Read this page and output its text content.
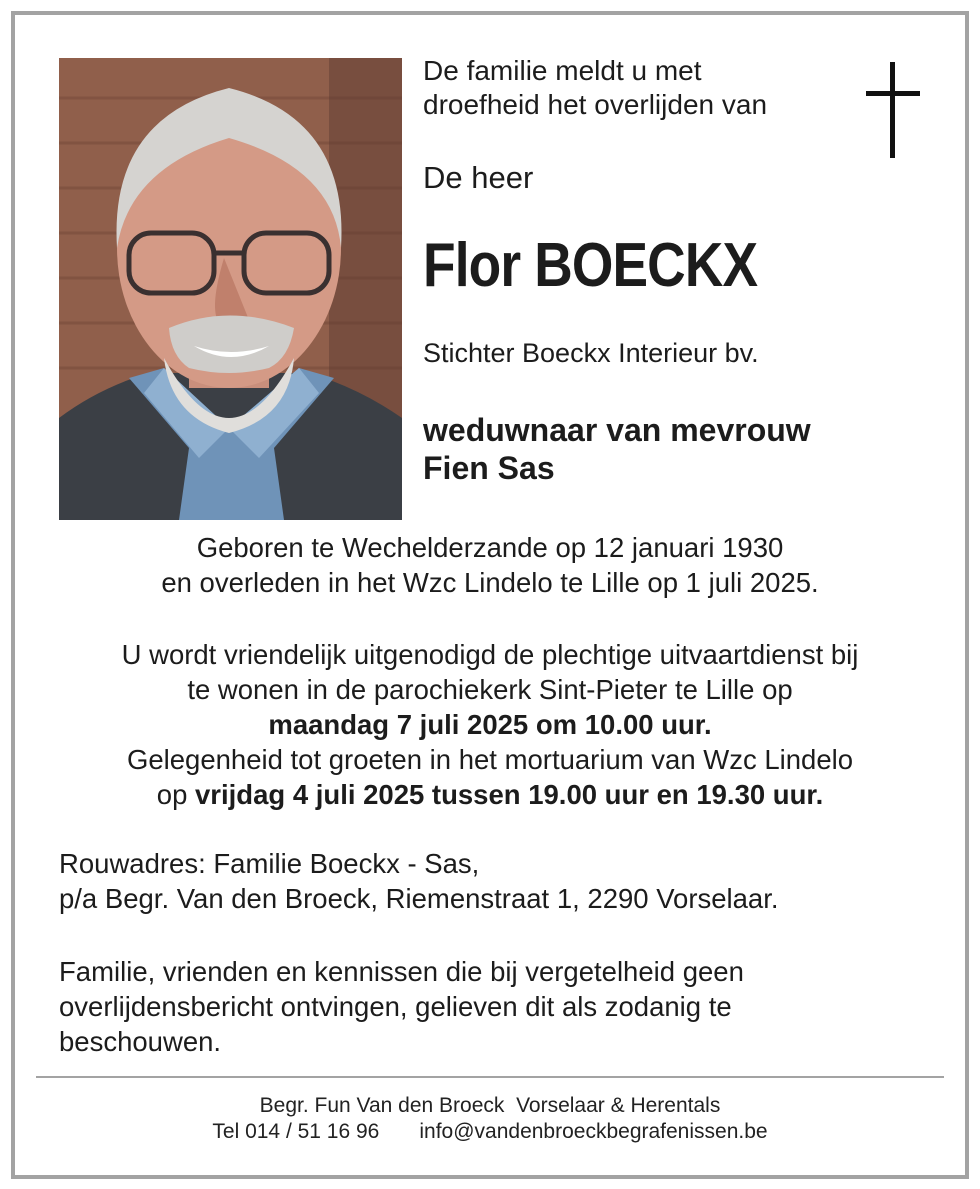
De familie meldt u met
droefheid het overlijden van
De heer
Flor BOECKX
Stichter Boeckx Interieur bv.
weduwnaar van mevrouw
Fien Sas
Geboren te Wechelderzande op 12 januari 1930
en overleden in het Wzc Lindelo te Lille op 1 juli 2025.
U wordt vriendelijk uitgenodigd de plechtige uitvaartdienst bij
te wonen in de parochiekerk Sint-Pieter te Lille op
maandag 7 juli 2025 om 10.00 uur.
Gelegenheid tot groeten in het mortuarium van Wzc Lindelo
op vrijdag 4 juli 2025 tussen 19.00 uur en 19.30 uur.
Rouwadres: Familie Boeckx - Sas,
p/a Begr. Van den Broeck, Riemenstraat 1, 2290 Vorselaar.
Familie, vrienden en kennissen die bij vergetelheid geen
overlijdensbericht ontvingen, gelieven dit als zodanig te
beschouwen.
Begr. Fun Van den Broeck  Vorselaar & Herentals
Tel 014 / 51 16 96 info@vandenbroeckbegrafenissen.be
